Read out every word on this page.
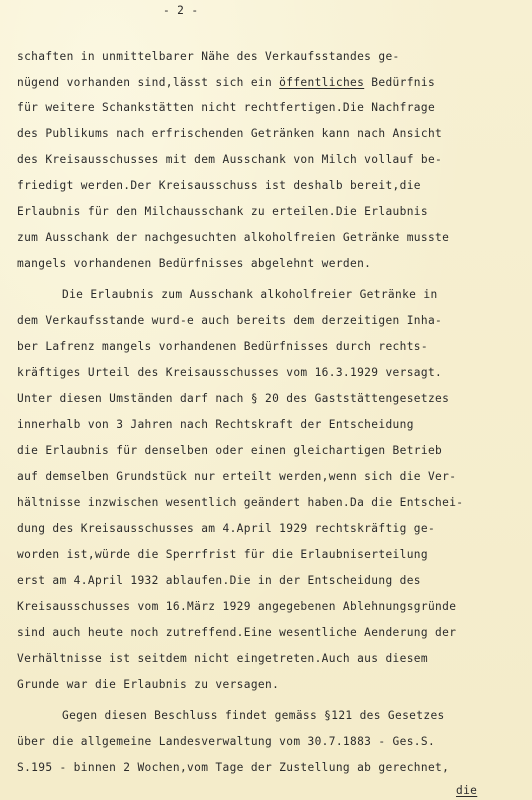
- 2 -
schaften in unmittelbarer Nähe des Verkaufsstandes ge-
nügend vorhanden sind,lässt sich ein öffentliches Bedürfnis
für weitere Schankstätten nicht rechtfertigen.Die Nachfrage
des Publikums nach erfrischenden Getränken kann nach Ansicht
des Kreisausschusses mit dem Ausschank von Milch vollauf be-
friedigt werden.Der Kreisausschuss ist deshalb bereit,die
Erlaubnis für den Milchausschank zu erteilen.Die Erlaubnis
zum Ausschank der nachgesuchten alkoholfreien Getränke musste
mangels vorhandenen Bedürfnisses abgelehnt werden.
Die Erlaubnis zum Ausschank alkoholfreier Getränke in
dem Verkaufsstande wurd-e auch bereits dem derzeitigen Inha-
ber Lafrenz mangels vorhandenen Bedürfnisses durch rechts-
kräftiges Urteil des Kreisausschusses vom 16.3.1929 versagt.
Unter diesen Umständen darf nach § 20 des Gaststättengesetzes
innerhalb von 3 Jahren nach Rechtskraft der Entscheidung
die Erlaubnis für denselben oder einen gleichartigen Betrieb
auf demselben Grundstück nur erteilt werden,wenn sich die Ver-
hältnisse inzwischen wesentlich geändert haben.Da die Entschei-
dung des Kreisausschusses am 4.April 1929 rechtskräftig ge-
worden ist,würde die Sperrfrist für die Erlaubniserteilung
erst am 4.April 1932 ablaufen.Die in der Entscheidung des
Kreisausschusses vom 16.März 1929 angegebenen Ablehnungsgründe
sind auch heute noch zutreffend.Eine wesentliche Aenderung der
Verhältnisse ist seitdem nicht eingetreten.Auch aus diesem
Grunde war die Erlaubnis zu versagen.
Gegen diesen Beschluss findet gemäss §121 des Gesetzes
über die allgemeine Landesverwaltung vom 30.7.1883 - Ges.S.
S.195 - binnen 2 Wochen,vom Tage der Zustellung ab gerechnet,
die
